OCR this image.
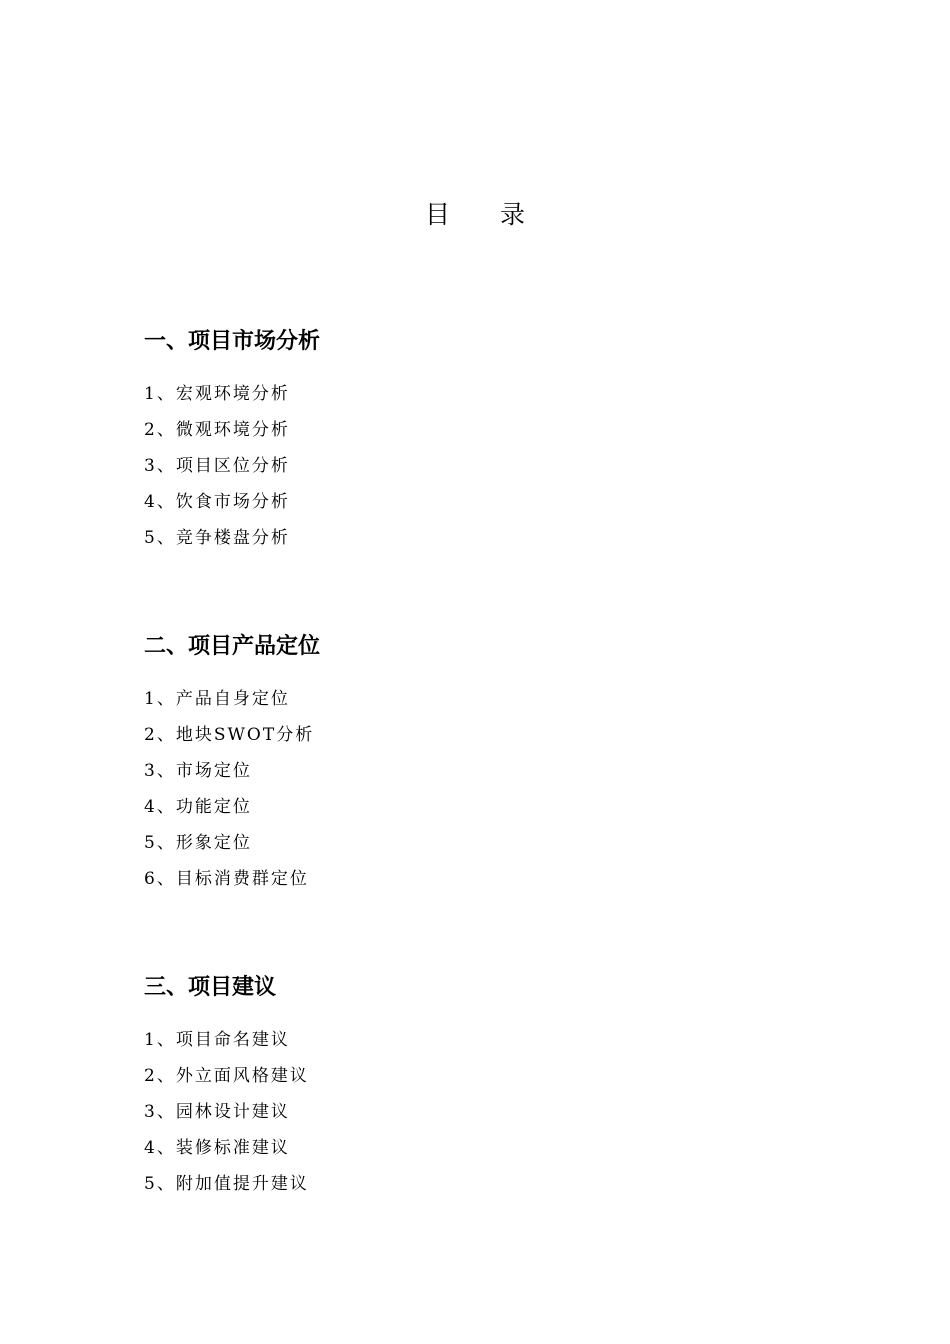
目 录
一、项目市场分析
1、宏观环境分析
2、微观环境分析
3、项目区位分析
4、饮食市场分析
5、竞争楼盘分析
二、项目产品定位
1、产品自身定位
2、地块SWOT分析
3、市场定位
4、功能定位
5、形象定位
6、目标消费群定位
三、项目建议
1、项目命名建议
2、外立面风格建议
3、园林设计建议
4、装修标准建议
5、附加值提升建议
